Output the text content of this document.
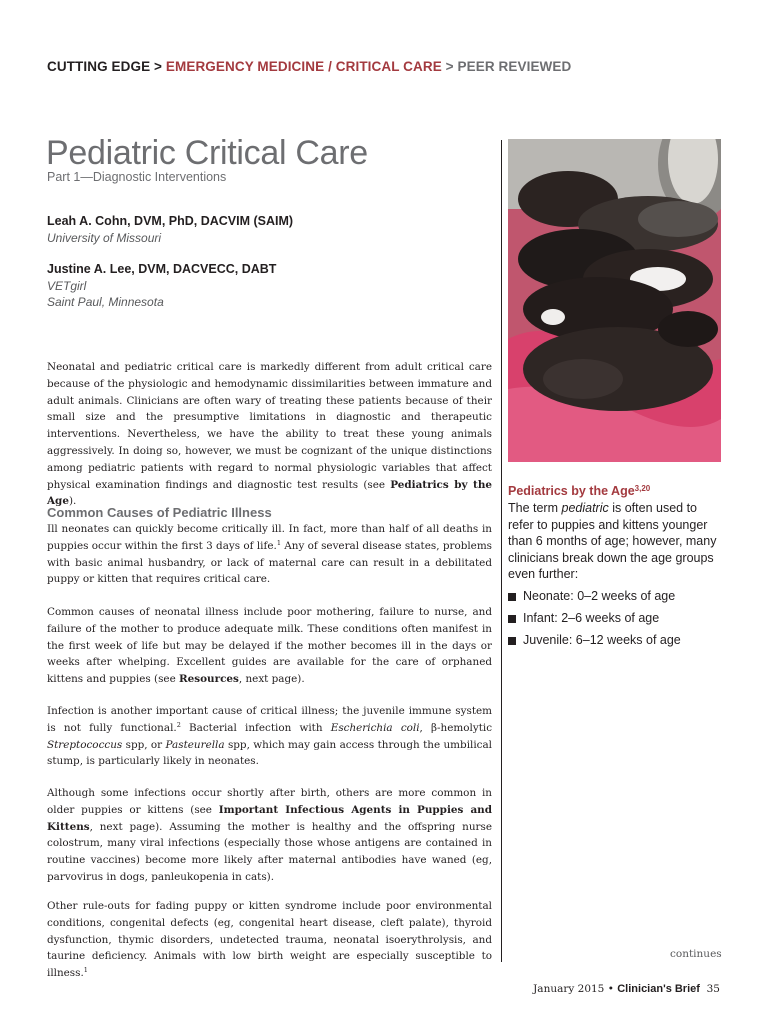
CUTTING EDGE > EMERGENCY MEDICINE / CRITICAL CARE > PEER REVIEWED
Pediatric Critical Care
Part 1—Diagnostic Interventions
Leah A. Cohn, DVM, PhD, DACVIM (SAIM)
University of Missouri
Justine A. Lee, DVM, DACVECC, DABT
VETgirl
Saint Paul, Minnesota

Neonatal and pediatric critical care is markedly different from adult critical care because of the physiologic and hemodynamic dissimilarities between immature and adult animals. Clinicians are often wary of treating these patients because of their small size and the presumptive limitations in diagnostic and therapeutic interventions. Nevertheless, we have the ability to treat these young animals aggressively. In doing so, however, we must be cognizant of the unique distinctions among pediatric patients with regard to normal physiologic variables that affect physical examination findings and diagnostic test results (see Pediatrics by the Age).

Common Causes of Pediatric Illness

Ill neonates can quickly become critically ill. In fact, more than half of all deaths in puppies occur within the first 3 days of life.$^1$ Any of several disease states, problems with basic animal husbandry, or lack of maternal care can result in a debilitated puppy or kitten that requires critical care.

Common causes of neonatal illness include poor mothering, failure to nurse, and failure of the mother to produce adequate milk. These conditions often manifest in the first week of life but may be delayed if the mother becomes ill in the days or weeks after whelping. Excellent guides are available for the care of orphaned kittens and puppies (see Resources, next page).

Infection is another important cause of critical illness; the juvenile immune system is not fully functional.$^2$ Bacterial infection with Escherichia coli, β-hemolytic Streptococcus spp, or Pasteurella spp, which may gain access through the umbilical stump, is particularly likely in neonates.

Although some infections occur shortly after birth, others are more common in older puppies or kittens (see Important Infectious Agents in Puppies and Kittens, next page). Assuming the mother is healthy and the offspring nurse colostrum, many viral infections (especially those whose antigens are contained in routine vaccines) become more likely after maternal antibodies have waned (eg, parvovirus in dogs, panleukopenia in cats).

Other rule-outs for fading puppy or kitten syndrome include poor environmental conditions, congenital defects (eg, congenital heart disease, cleft palate), thyroid dysfunction, thymic disorders, undetected trauma, neonatal isoerythrolysis, and taurine deficiency. Animals with low birth weight are especially susceptible to illness.$^1$

Pediatrics by the Age$^{3,20}$
The term pediatric is often used to refer to puppies and kittens younger than 6 months of age; however, many clinicians break down the age groups even further:
Neonate: 0–2 weeks of age
Infant: 2–6 weeks of age
Juvenile: 6–12 weeks of age
continues
January 2015 • Clinician's Brief 35
